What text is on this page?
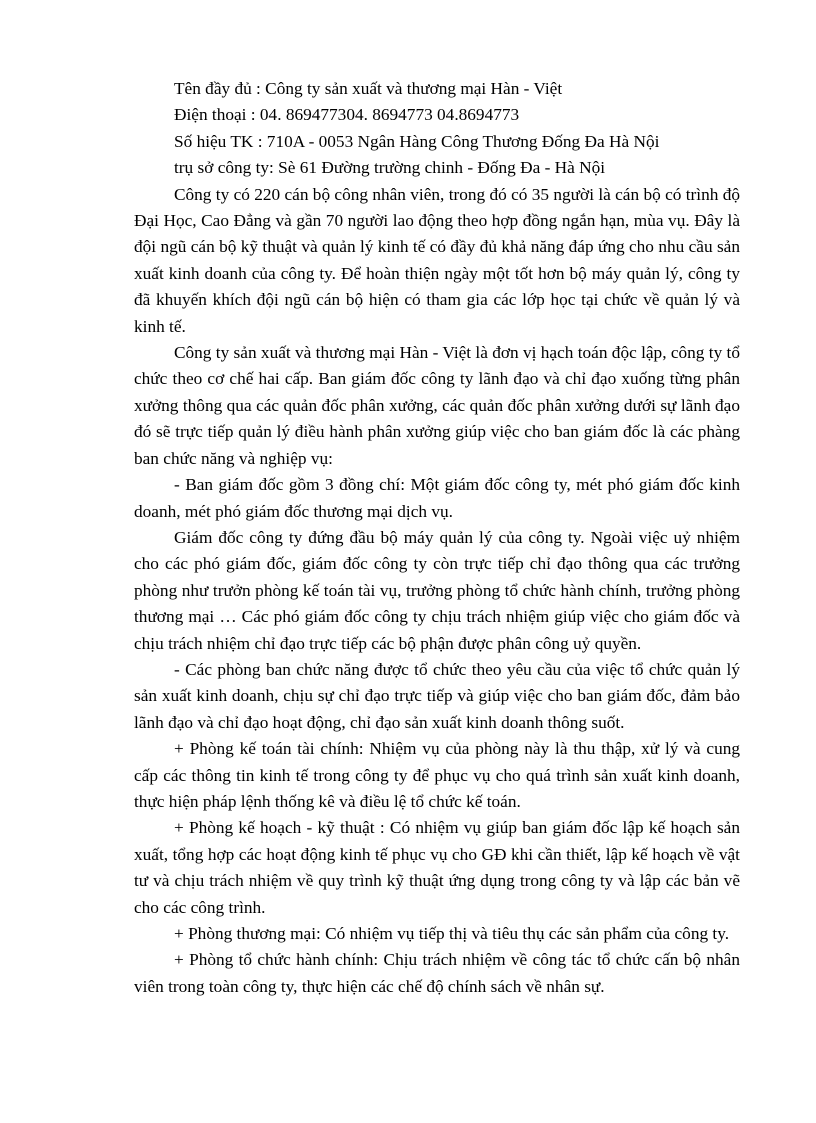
Tên đầy đủ : Công ty sản xuất và thương mại Hàn - Việt
Điện thoại : 04. 869477304. 8694773 04.8694773
Số hiệu TK : 710A - 0053 Ngân Hàng Công Thương Đống Đa Hà Nội
trụ sở công ty: Sè 61 Đường trường chinh - Đống Đa - Hà Nội

Công ty có 220 cán bộ công nhân viên, trong đó có 35 người là cán bộ có trình độ Đại Học, Cao Đẳng và gần 70 người lao động theo hợp đồng ngắn hạn, mùa vụ. Đây là đội ngũ cán bộ kỹ thuật và quản lý kinh tế có đầy đủ khả năng đáp ứng cho nhu cầu sản xuất kinh doanh của công ty. Để hoàn thiện ngày một tốt hơn bộ máy quản lý, công ty đã khuyến khích đội ngũ cán bộ hiện có tham gia các lớp học tại chức về quản lý và kinh tế.

Công ty sản xuất và thương mại Hàn - Việt là đơn vị hạch toán độc lập, công ty tổ chức theo cơ chế hai cấp. Ban giám đốc công ty lãnh đạo và chỉ đạo xuống từng phân xưởng thông qua các quản đốc phân xưởng, các quản đốc phân xưởng dưới sự lãnh đạo đó sẽ trực tiếp quản lý điều hành phân xưởng giúp việc cho ban giám đốc là các phàng ban chức năng và nghiệp vụ:

- Ban giám đốc gồm 3 đồng chí: Một giám đốc công ty, mét phó giám đốc kinh doanh, mét phó giám đốc thương mại dịch vụ.

Giám đốc công ty đứng đầu bộ máy quản lý của công ty. Ngoài việc uỷ nhiệm cho các phó giám đốc, giám đốc công ty còn trực tiếp chỉ đạo thông qua các trưởng phòng như trưởn phòng kế toán tài vụ, trưởng phòng tổ chức hành chính, trưởng phòng thương mại … Các phó giám đốc công ty chịu trách nhiệm giúp việc cho giám đốc và chịu trách nhiệm chỉ đạo trực tiếp các bộ phận được phân công uỷ quyền.

- Các phòng ban chức năng được tổ chức theo yêu cầu của việc tổ chức quản lý sản xuất kinh doanh, chịu sự chỉ đạo trực tiếp và giúp việc cho ban giám đốc, đảm bảo lãnh đạo và chỉ đạo hoạt động, chỉ đạo sản xuất kinh doanh thông suốt.

+ Phòng kế toán tài chính: Nhiệm vụ của phòng này là thu thập, xử lý và cung cấp các thông tin kinh tế trong công ty để phục vụ cho quá trình sản xuất kinh doanh, thực hiện pháp lệnh thống kê và điều lệ tổ chức kế toán.

+ Phòng kế hoạch - kỹ thuật : Có nhiệm vụ giúp ban giám đốc lập kế hoạch sản xuất, tổng hợp các hoạt động kinh tế phục vụ cho GĐ khi cần thiết, lập kế hoạch về vật tư và chịu trách nhiệm về quy trình kỹ thuật ứng dụng trong công ty và lập các bản vẽ cho các công trình.

+ Phòng thương mại: Có nhiệm vụ tiếp thị và tiêu thụ các sản phẩm của công ty.

+ Phòng tổ chức hành chính: Chịu trách nhiệm về công tác tổ chức cấn bộ nhân viên trong toàn công ty, thực hiện các chế độ chính sách về nhân sự.
